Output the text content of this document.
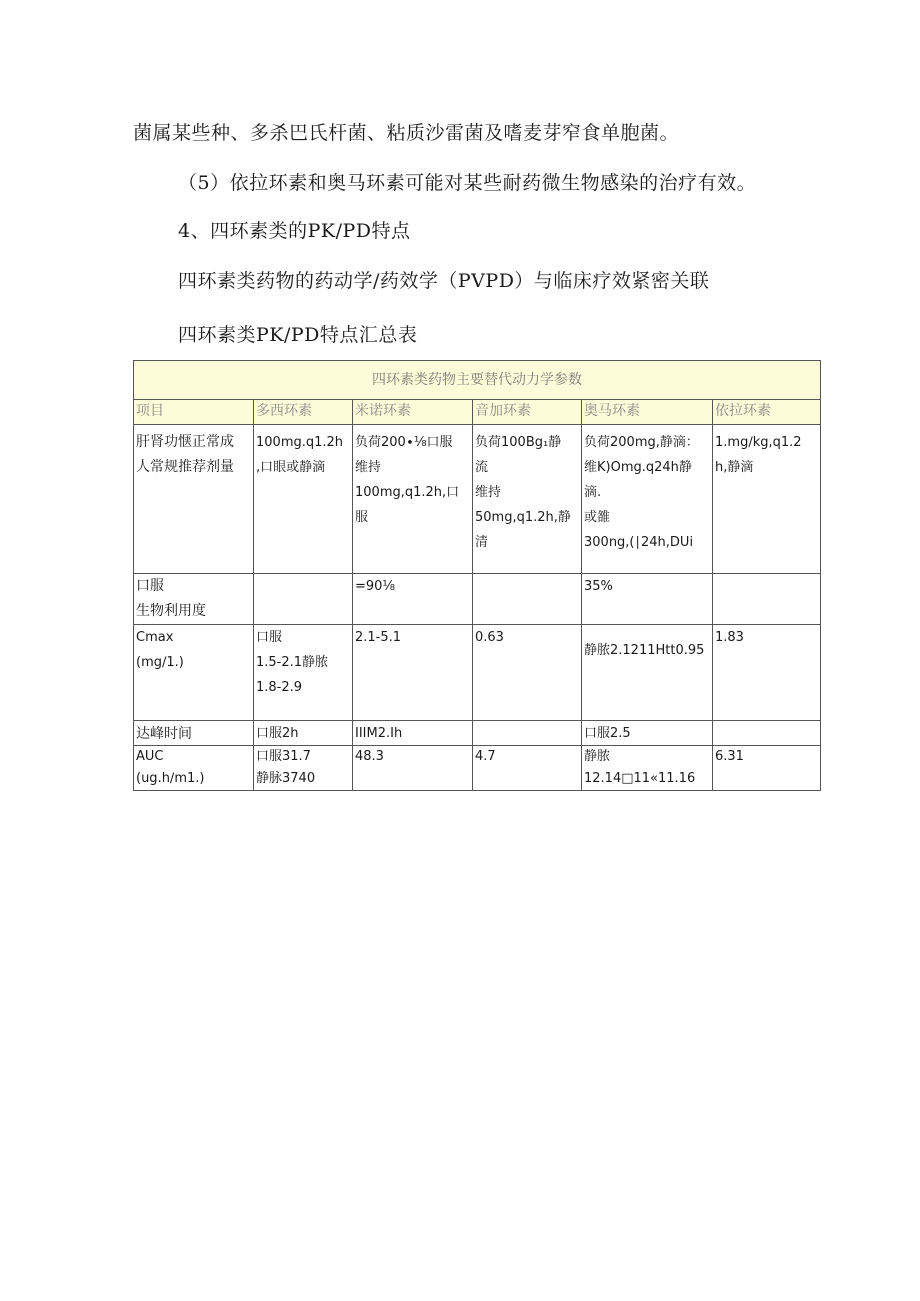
菌属某些种、多杀巴氏杆菌、粘质沙雷菌及嗜麦芽窄食单胞菌。
（5）依拉环素和奥马环素可能对某些耐药微生物感染的治疗有效。
4、四环素类的PK/PD特点
四环素类药物的药动学/药效学（PVPD）与临床疗效紧密关联
四环素类PK/PD特点汇总表
四环素类药物主要替代动力学参数					
项目	多西环素	米诺环素	音加环素	奥马环素	依拉环素

肝肾功惬正常成
人常规推荐剂量	100mg.q1.2h
,口眼或静滴	负荷200∙⅛口服
维持
100mg,q1.2h,口
服	负荷100Bg₁静
流
维持
50mg,q1.2h,静
清	负荷200mg,静滴：
维K)Omg.q24h静
滴.
或雒
300ng,(∣24h,DUi	1.mg∕kg,q1.2
h,静滴

口服
生物利用度		=90⅛		35%	

Cmax
(mg∕1.)	口服
1.5-2.1静脓
1.8-2.9	2.1-5.1	0.63	静脓2.1211Htt0.95	1.83
达峰时间	口服2h	IIIM2.Ih		口服2.5	

AUC
(ug.h∕m1.)	口服31.7
静脉3740	48.3	4.7	静脓
12.14□11«11.16	6.31
